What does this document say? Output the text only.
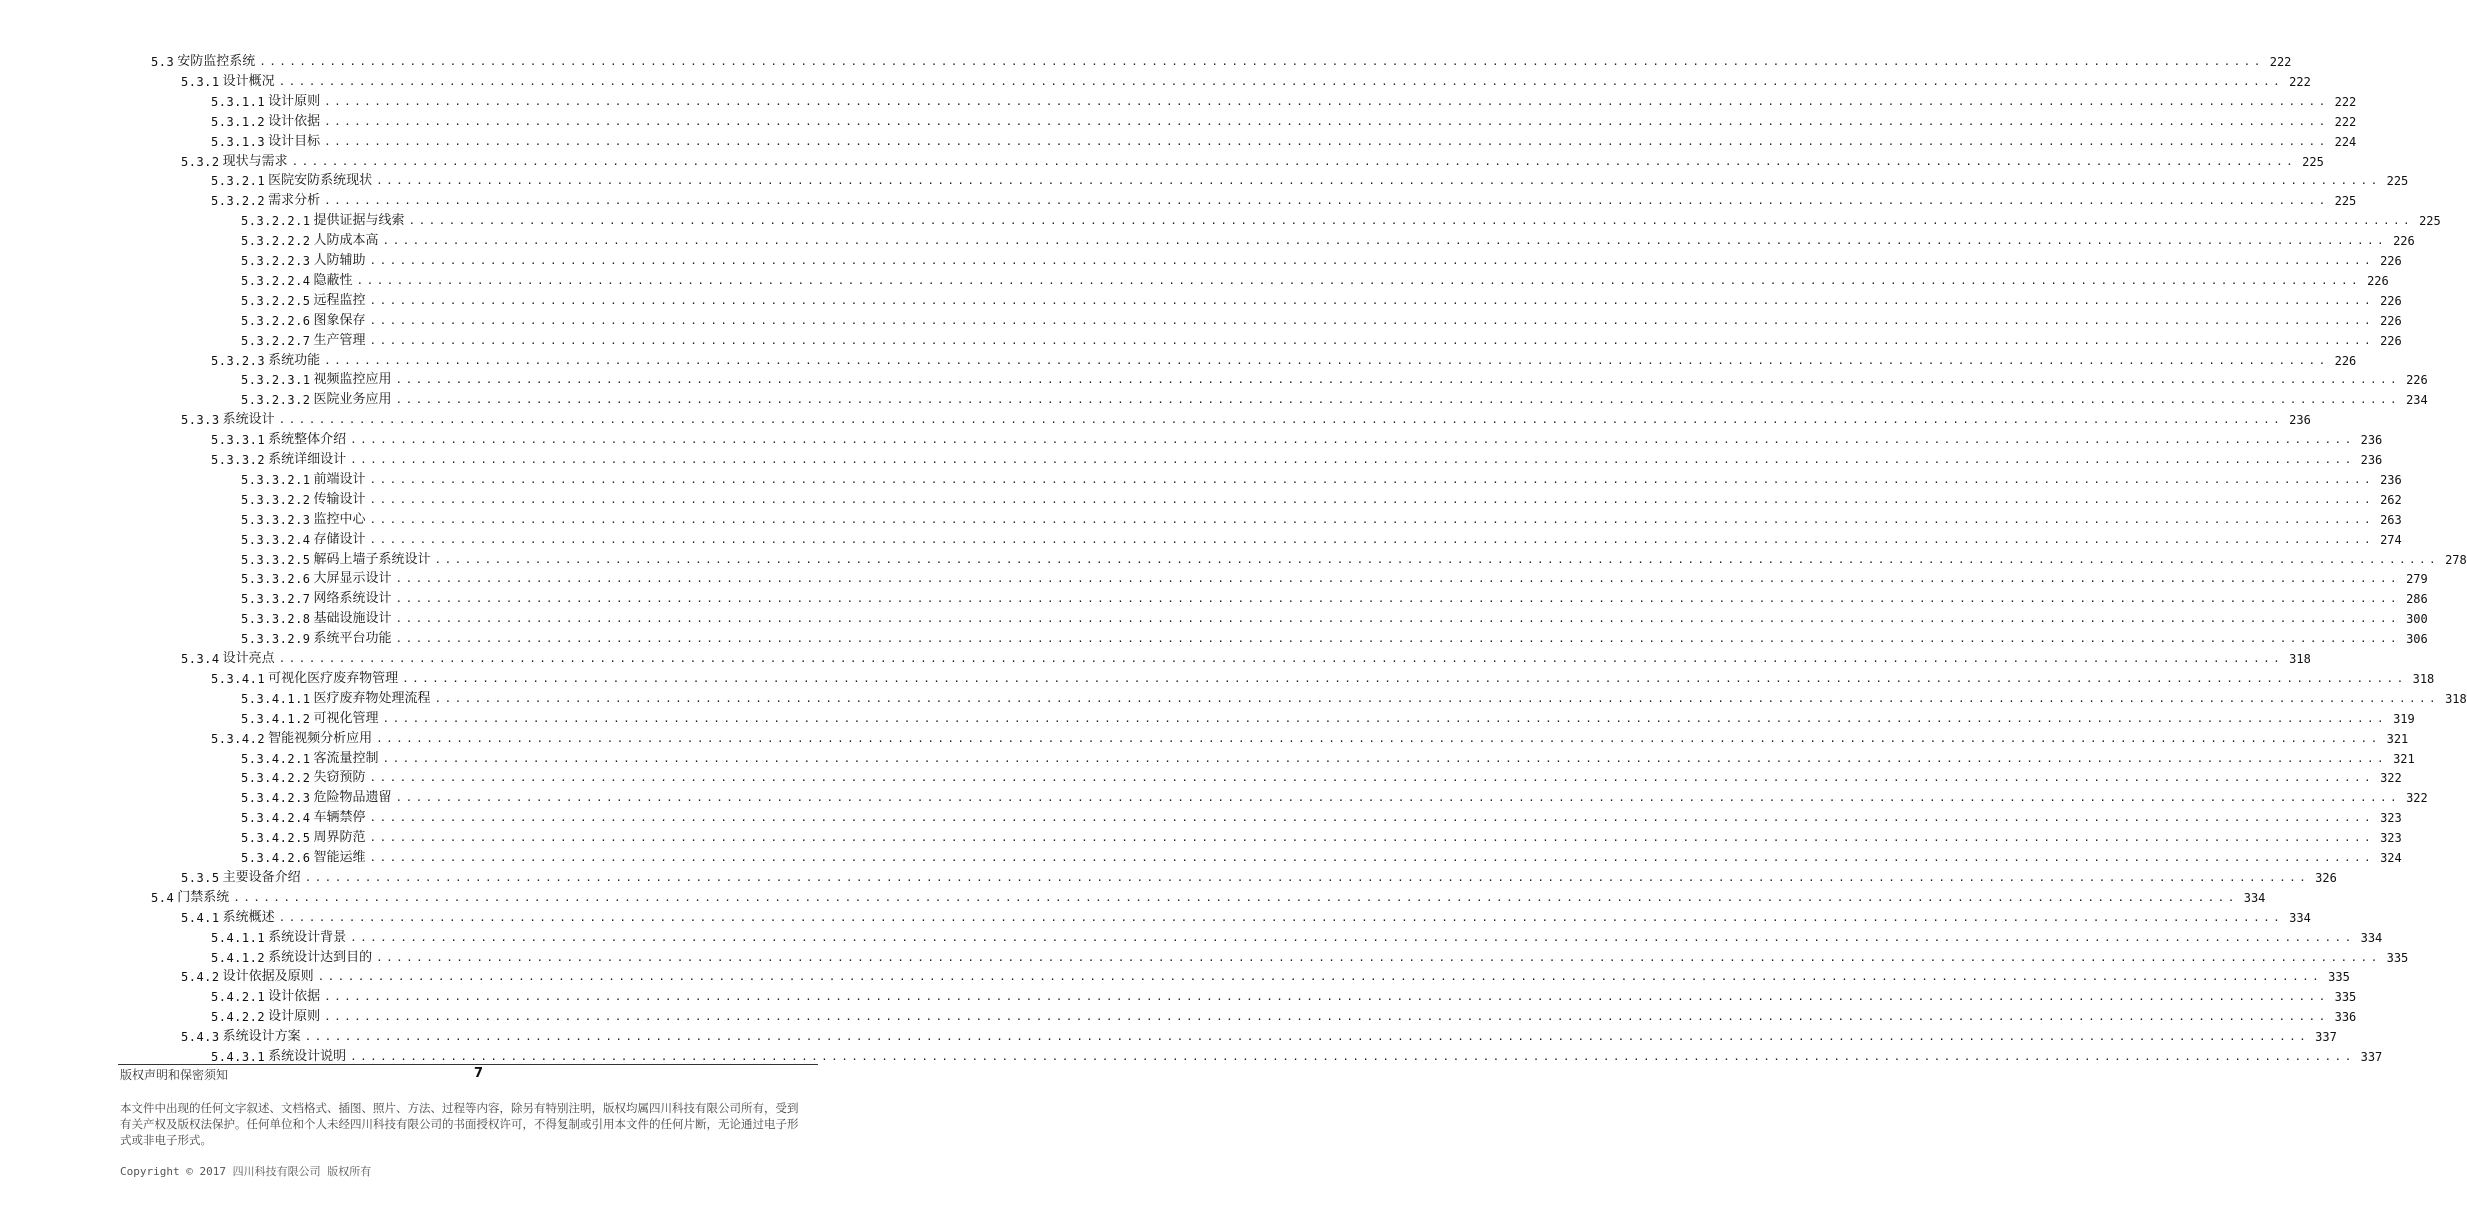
5.3 安防监控系统 ........................................................................................................................................................................................................ 222
5.3.1 设计概况 ........................................................................................................................................................................................................ 222
5.3.1.1 设计原则 ........................................................................................................................................................................................................ 222
5.3.1.2 设计依据 ........................................................................................................................................................................................................ 222
5.3.1.3 设计目标 ........................................................................................................................................................................................................ 224
5.3.2 现状与需求 ........................................................................................................................................................................................................ 225
5.3.2.1 医院安防系统现状 ........................................................................................................................................................................................................ 225
5.3.2.2 需求分析 ........................................................................................................................................................................................................ 225
5.3.2.2.1 提供证据与线索 ........................................................................................................................................................................................................ 225
5.3.2.2.2 人防成本高 ........................................................................................................................................................................................................ 226
5.3.2.2.3 人防辅助 ........................................................................................................................................................................................................ 226
5.3.2.2.4 隐蔽性 ........................................................................................................................................................................................................ 226
5.3.2.2.5 远程监控 ........................................................................................................................................................................................................ 226
5.3.2.2.6 图象保存 ........................................................................................................................................................................................................ 226
5.3.2.2.7 生产管理 ........................................................................................................................................................................................................ 226
5.3.2.3 系统功能 ........................................................................................................................................................................................................ 226
5.3.2.3.1 视频监控应用 ........................................................................................................................................................................................................ 226
5.3.2.3.2 医院业务应用 ........................................................................................................................................................................................................ 234
5.3.3 系统设计 ........................................................................................................................................................................................................ 236
5.3.3.1 系统整体介绍 ........................................................................................................................................................................................................ 236
5.3.3.2 系统详细设计 ........................................................................................................................................................................................................ 236
5.3.3.2.1 前端设计 ........................................................................................................................................................................................................ 236
5.3.3.2.2 传输设计 ........................................................................................................................................................................................................ 262
5.3.3.2.3 监控中心 ........................................................................................................................................................................................................ 263
5.3.3.2.4 存储设计 ........................................................................................................................................................................................................ 274
5.3.3.2.5 解码上墙子系统设计 ........................................................................................................................................................................................................ 278
5.3.3.2.6 大屏显示设计 ........................................................................................................................................................................................................ 279
5.3.3.2.7 网络系统设计 ........................................................................................................................................................................................................ 286
5.3.3.2.8 基础设施设计 ........................................................................................................................................................................................................ 300
5.3.3.2.9 系统平台功能 ........................................................................................................................................................................................................ 306
5.3.4 设计亮点 ........................................................................................................................................................................................................ 318
5.3.4.1 可视化医疗废弃物管理 ........................................................................................................................................................................................................ 318
5.3.4.1.1 医疗废弃物处理流程 ........................................................................................................................................................................................................ 318
5.3.4.1.2 可视化管理 ........................................................................................................................................................................................................ 319
5.3.4.2 智能视频分析应用 ........................................................................................................................................................................................................ 321
5.3.4.2.1 客流量控制 ........................................................................................................................................................................................................ 321
5.3.4.2.2 失窃预防 ........................................................................................................................................................................................................ 322
5.3.4.2.3 危险物品遗留 ........................................................................................................................................................................................................ 322
5.3.4.2.4 车辆禁停 ........................................................................................................................................................................................................ 323
5.3.4.2.5 周界防范 ........................................................................................................................................................................................................ 323
5.3.4.2.6 智能运维 ........................................................................................................................................................................................................ 324
5.3.5 主要设备介绍 ........................................................................................................................................................................................................ 326
5.4 门禁系统 ........................................................................................................................................................................................................ 334
5.4.1 系统概述 ........................................................................................................................................................................................................ 334
5.4.1.1 系统设计背景 ........................................................................................................................................................................................................ 334
5.4.1.2 系统设计达到目的 ........................................................................................................................................................................................................ 335
5.4.2 设计依据及原则 ........................................................................................................................................................................................................ 335
5.4.2.1 设计依据 ........................................................................................................................................................................................................ 335
5.4.2.2 设计原则 ........................................................................................................................................................................................................ 336
5.4.3 系统设计方案 ........................................................................................................................................................................................................ 337
5.4.3.1 系统设计说明 ........................................................................................................................................................................................................ 337
版权声明和保密须知	7
本文件中出现的任何文字叙述、文档格式、插图、照片、方法、过程等内容，除另有特别注明，版权均属四川科技有限公司所有，受到有关产权及版权法保护。任何单位和个人未经四川科技有限公司的书面授权许可，不得复制或引用本文件的任何片断，无论通过电子形式或非电子形式。
Copyright © 2017 四川科技有限公司 版权所有
